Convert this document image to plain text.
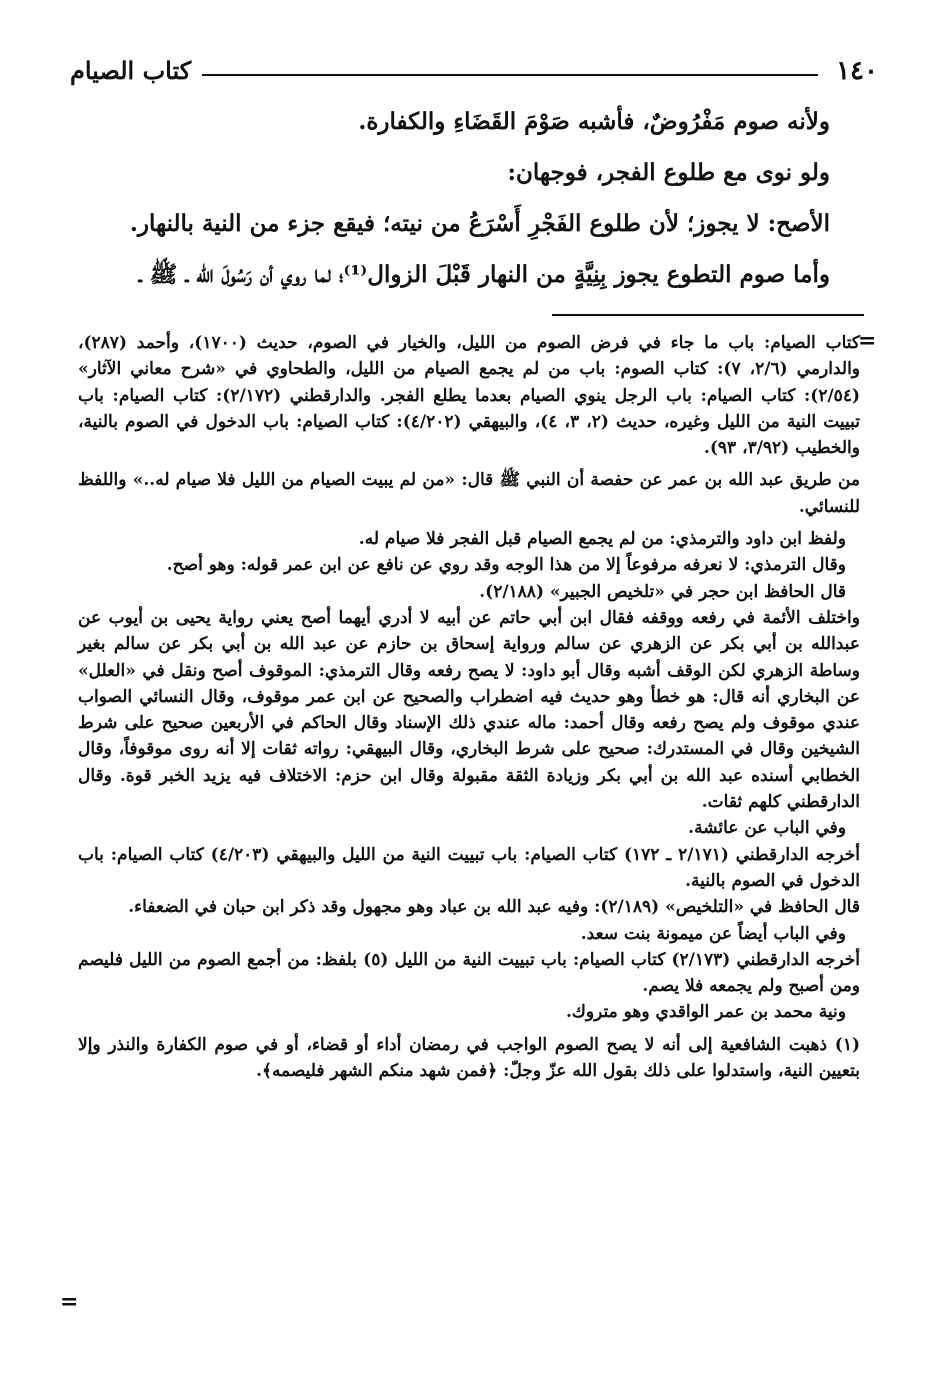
١٤٠
كتاب الصيام

ولأنه صوم مَفْرُوضٌ، فأشبه صَوْمَ القَضَاءِ والكفارة.

ولو نوى مع طلوع الفجر، فوجهان:

الأصح: لا يجوز؛ لأن طلوع الفَجْرِ أَسْرَعُ من نيته؛ فيقع جزء من النية بالنهار.

وأما صوم التطوع يجوز بِنِيَّةٍ من النهار قَبْلَ الزوال⁽¹⁾؛ لما روي أن رَسُولَ الله ـ ﷺ ـ

=

كتاب الصيام: باب ما جاء في فرض الصوم من الليل، والخيار في الصوم، حديث (١٧٠٠)، وأحمد (٢٨٧)، والدارمي (٢/٦، ٧): كتاب الصوم: باب من لم يجمع الصيام من الليل، والطحاوي في «شرح معاني الآثار» (٢/٥٤): كتاب الصيام: باب الرجل ينوي الصيام بعدما يطلع الفجر. والدارقطني (٢/١٧٢): كتاب الصيام: باب تبييت النية من الليل وغيره، حديث (٢، ٣، ٤)، والبيهقي (٤/٢٠٢): كتاب الصيام: باب الدخول في الصوم بالنية، والخطيب (٣/٩٢، ٩٣).

من طريق عبد الله بن عمر عن حفصة أن النبي ﷺ قال: «من لم يبيت الصيام من الليل فلا صيام له..» واللفظ للنسائي.

ولفظ ابن داود والترمذي: من لم يجمع الصيام قبل الفجر فلا صيام له.

وقال الترمذي: لا نعرفه مرفوعاً إلا من هذا الوجه وقد روي عن نافع عن ابن عمر قوله: وهو أصح.

قال الحافظ ابن حجر في «تلخيص الجبير» (٢/١٨٨).

واختلف الأئمة في رفعه ووقفه فقال ابن أبي حاتم عن أبيه لا أدري أيهما أصح يعني رواية يحيى بن أيوب عن عبدالله بن أبي بكر عن الزهري عن سالم ورواية إسحاق بن حازم عن عبد الله بن أبي بكر عن سالم بغير وساطة الزهري لكن الوقف أشبه وقال أبو داود: لا يصح رفعه وقال الترمذي: الموقوف أصح ونقل في «العلل» عن البخاري أنه قال: هو خطأ وهو حديث فيه اضطراب والصحيح عن ابن عمر موقوف، وقال النسائي الصواب عندي موقوف ولم يصح رفعه وقال أحمد: ماله عندي ذلك الإسناد وقال الحاكم في الأربعين صحيح على شرط الشيخين وقال في المستدرك: صحيح على شرط البخاري، وقال البيهقي: رواته ثقات إلا أنه روى موقوفاً، وقال الخطابي أسنده عبد الله بن أبي بكر وزيادة الثقة مقبولة وقال ابن حزم: الاختلاف فيه يزيد الخبر قوة. وقال الدارقطني كلهم ثقات.

وفي الباب عن عائشة.

أخرجه الدارقطني (٢/١٧١ ـ ١٧٢) كتاب الصيام: باب تبييت النية من الليل والبيهقي (٤/٢٠٣) كتاب الصيام: باب الدخول في الصوم بالنية.

قال الحافظ في «التلخيص» (٢/١٨٩): وفيه عبد الله بن عباد وهو مجهول وقد ذكر ابن حبان في الضعفاء.

وفي الباب أيضاً عن ميمونة بنت سعد.

أخرجه الدارقطني (٢/١٧٣) كتاب الصيام: باب تبييت النية من الليل (٥) بلفظ: من أجمع الصوم من الليل فليصم ومن أصبح ولم يجمعه فلا يصم.

ونية محمد بن عمر الواقدي وهو متروك.

(١) ذهبت الشافعية إلى أنه لا يصح الصوم الواجب في رمضان أداء أو قضاء، أو في صوم الكفارة والنذر وإلا بتعيين النية، واستدلوا على ذلك بقول الله عزّ وجلّ: ﴿فمن شهد منكم الشهر فليصمه﴾.

=
